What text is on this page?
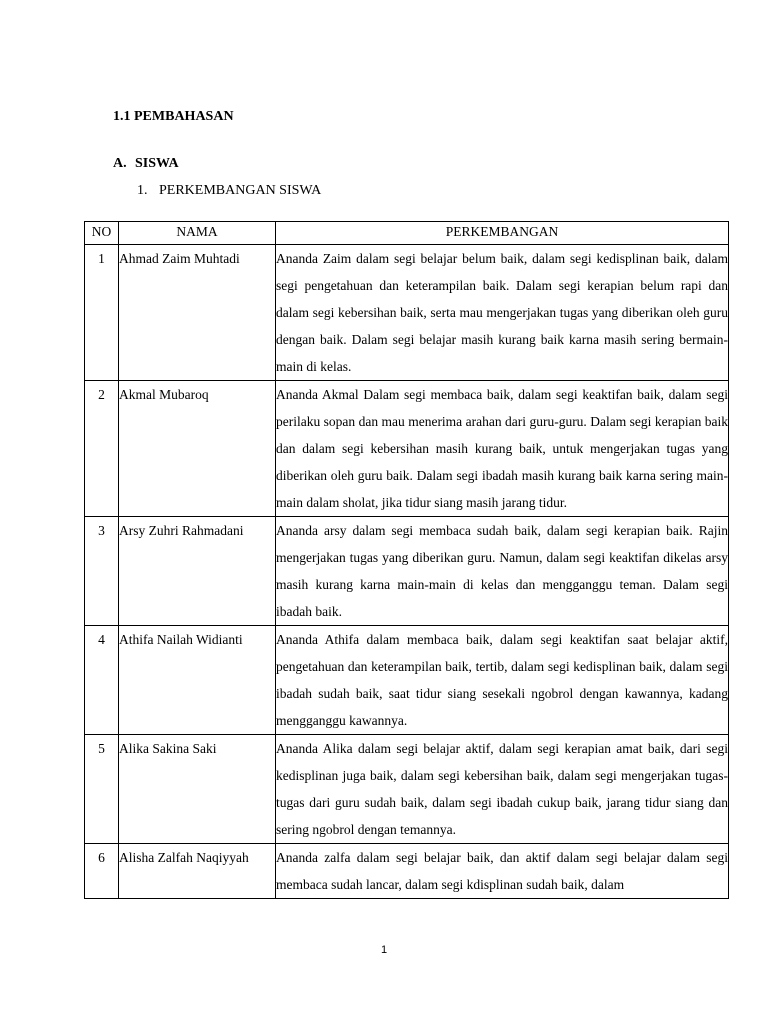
1.1 PEMBAHASAN
A. SISWA

1. PERKEMBANGAN SISWA

NO	NAMA	PERKEMBANGAN
1	Ahmad Zaim Muhtadi	Ananda Zaim dalam segi belajar belum baik, dalam segi kedisplinan baik, dalam segi pengetahuan dan keterampilan baik. Dalam segi kerapian belum rapi dan dalam segi kebersihan baik, serta mau mengerjakan tugas yang diberikan oleh guru dengan baik. Dalam segi belajar masih kurang baik karna masih sering bermain-main di kelas.
2	Akmal Mubaroq	Ananda Akmal Dalam segi membaca baik, dalam segi keaktifan baik, dalam segi perilaku sopan dan mau menerima arahan dari guru-guru. Dalam segi kerapian baik dan dalam segi kebersihan masih kurang baik, untuk mengerjakan tugas yang diberikan oleh guru baik. Dalam segi ibadah masih kurang baik karna sering main-main dalam sholat, jika tidur siang masih jarang tidur.
3	Arsy Zuhri Rahmadani	Ananda arsy dalam segi membaca sudah baik, dalam segi kerapian baik. Rajin mengerjakan tugas yang diberikan guru. Namun, dalam segi keaktifan dikelas arsy masih kurang karna main-main di kelas dan mengganggu teman. Dalam segi ibadah baik.
4	Athifa Nailah Widianti	Ananda Athifa dalam membaca baik, dalam segi keaktifan saat belajar aktif, pengetahuan dan keterampilan baik, tertib, dalam segi kedisplinan baik, dalam segi ibadah sudah baik, saat tidur siang sesekali ngobrol dengan kawannya, kadang mengganggu kawannya.
5	Alika Sakina Saki	Ananda Alika dalam segi belajar aktif, dalam segi kerapian amat baik, dari segi kedisplinan juga baik, dalam segi kebersihan baik, dalam segi mengerjakan tugas-tugas dari guru sudah baik, dalam segi ibadah cukup baik, jarang tidur siang dan sering ngobrol dengan temannya.
6	Alisha Zalfah Naqiyyah	Ananda zalfa dalam segi belajar baik, dan aktif dalam segi belajar dalam segi membaca sudah lancar, dalam segi kdisplinan sudah baik, dalam
1
